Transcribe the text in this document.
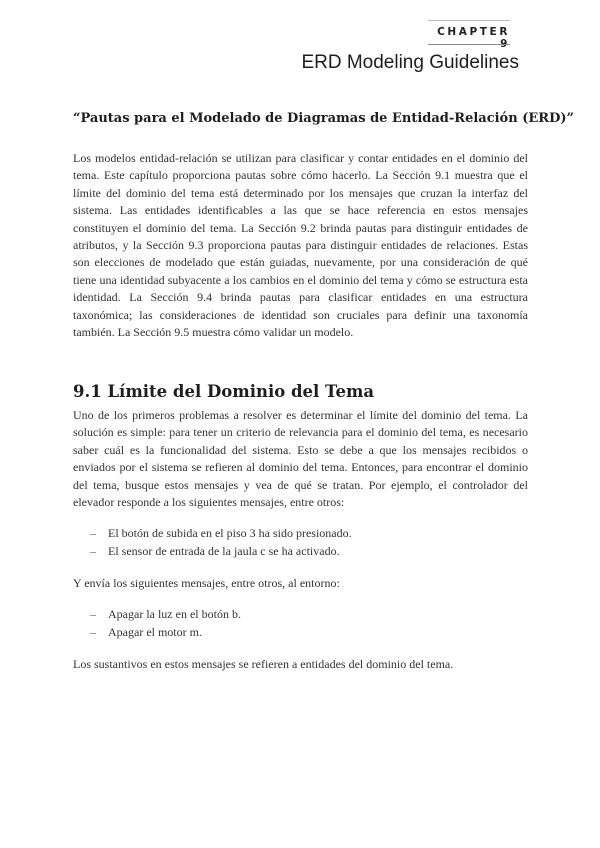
CHAPTER 9
ERD Modeling Guidelines
“Pautas para el Modelado de Diagramas de Entidad-Relación (ERD)”

Los modelos entidad-relación se utilizan para clasificar y contar entidades en el dominio del tema. Este capítulo proporciona pautas sobre cómo hacerlo. La Sección 9.1 muestra que el límite del dominio del tema está determinado por los mensajes que cruzan la interfaz del sistema. Las entidades identificables a las que se hace referencia en estos mensajes constituyen el dominio del tema. La Sección 9.2 brinda pautas para distinguir entidades de atributos, y la Sección 9.3 proporciona pautas para distinguir entidades de relaciones. Estas son elecciones de modelado que están guiadas, nuevamente, por una consideración de qué tiene una identidad subyacente a los cambios en el dominio del tema y cómo se estructura esta identidad. La Sección 9.4 brinda pautas para clasificar entidades en una estructura taxonómica; las consideraciones de identidad son cruciales para definir una taxonomía también. La Sección 9.5 muestra cómo validar un modelo.

9.1 Límite del Dominio del Tema

Uno de los primeros problemas a resolver es determinar el límite del dominio del tema. La solución es simple: para tener un criterio de relevancia para el dominio del tema, es necesario saber cuál es la funcionalidad del sistema. Esto se debe a que los mensajes recibidos o enviados por el sistema se refieren al dominio del tema. Entonces, para encontrar el dominio del tema, busque estos mensajes y vea de qué se tratan. Por ejemplo, el controlador del elevador responde a los siguientes mensajes, entre otros:

– El botón de subida en el piso 3 ha sido presionado.
– El sensor de entrada de la jaula c se ha activado.

Y envía los siguientes mensajes, entre otros, al entorno:

– Apagar la luz en el botón b.
– Apagar el motor m.

Los sustantivos en estos mensajes se refieren a entidades del dominio del tema.
